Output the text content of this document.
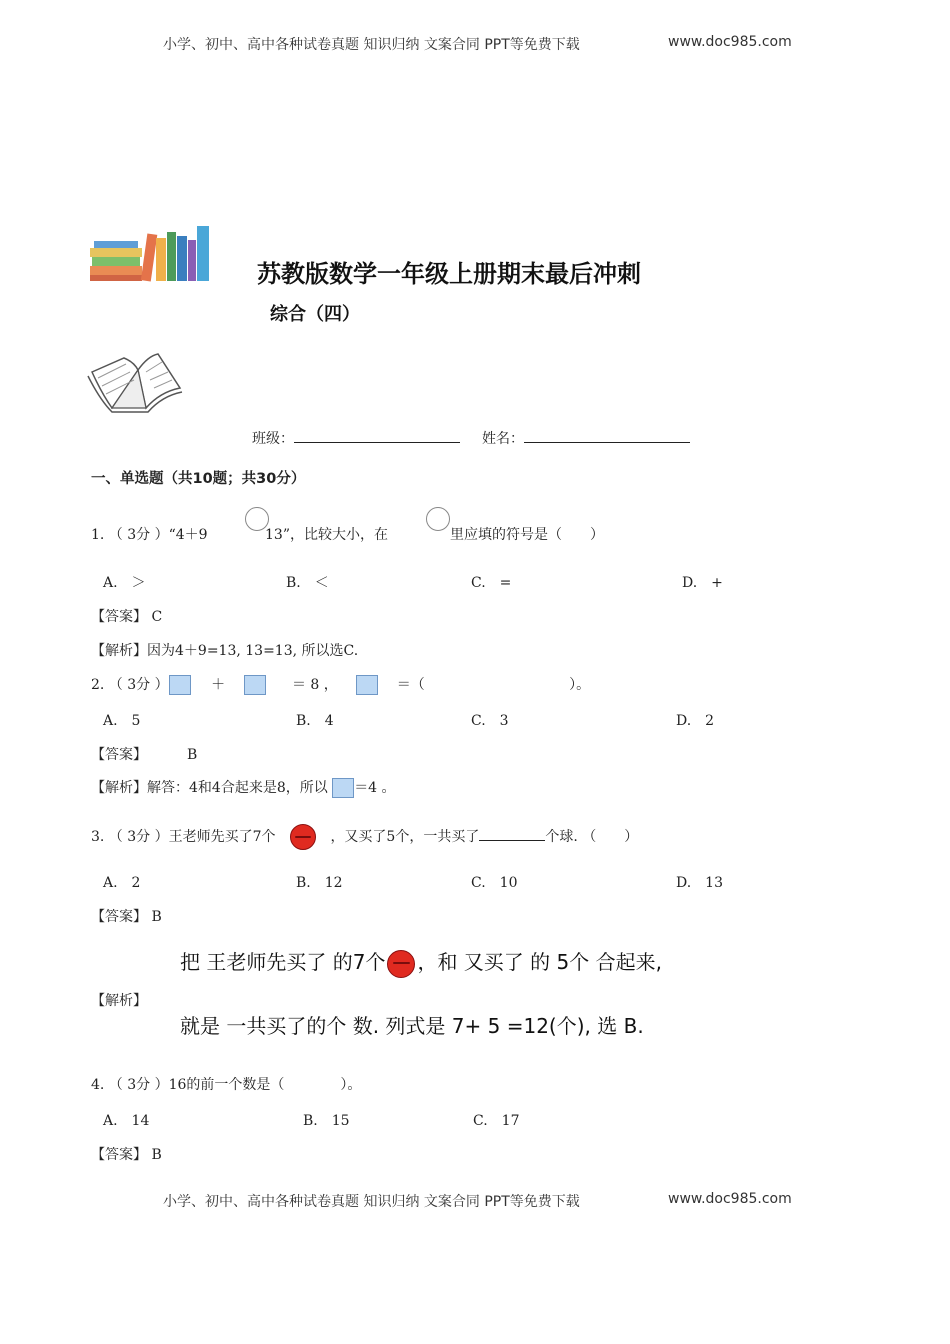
小学、初中、高中各种试卷真题 知识归纳 文案合同 PPT等免费下载	www.doc985.com
苏教版数学一年级上册期末最后冲刺
综合（四）
班级：	姓名：
一、单选题（共10题；共30分）
1. （ 3分 ）“4＋9	13”，比较大小，在	里应填的符号是（　　）
A.　＞	B.　＜	C.　=	D.　+
【答案】 C
【解析】因为4＋9=13, 13=13, 所以选C.
2. （ 3分 ）	＋	＝ 8 ，	＝（	）。
A.　5	B.　4	C.　3	D.　2
【答案】	B
【解析】解答：4和4合起来是8，所以 ＝4 。
3. （ 3分 ）王老师先买了7个	，又买了5个，一共买了	个球. （　　）
A.　2	B.　12	C.　10	D.　13
【答案】 B
把 王老师先买了 的7个 ，和 又买了 的 5个 合起来,
【解析】
就是 一共买了的个 数. 列式是 7+ 5 =12(个), 选 B.
4. （ 3分 ）16的前一个数是（　　　　）。
A.　14	B.　15	C.　17
【答案】 B
小学、初中、高中各种试卷真题 知识归纳 文案合同 PPT等免费下载	www.doc985.com
